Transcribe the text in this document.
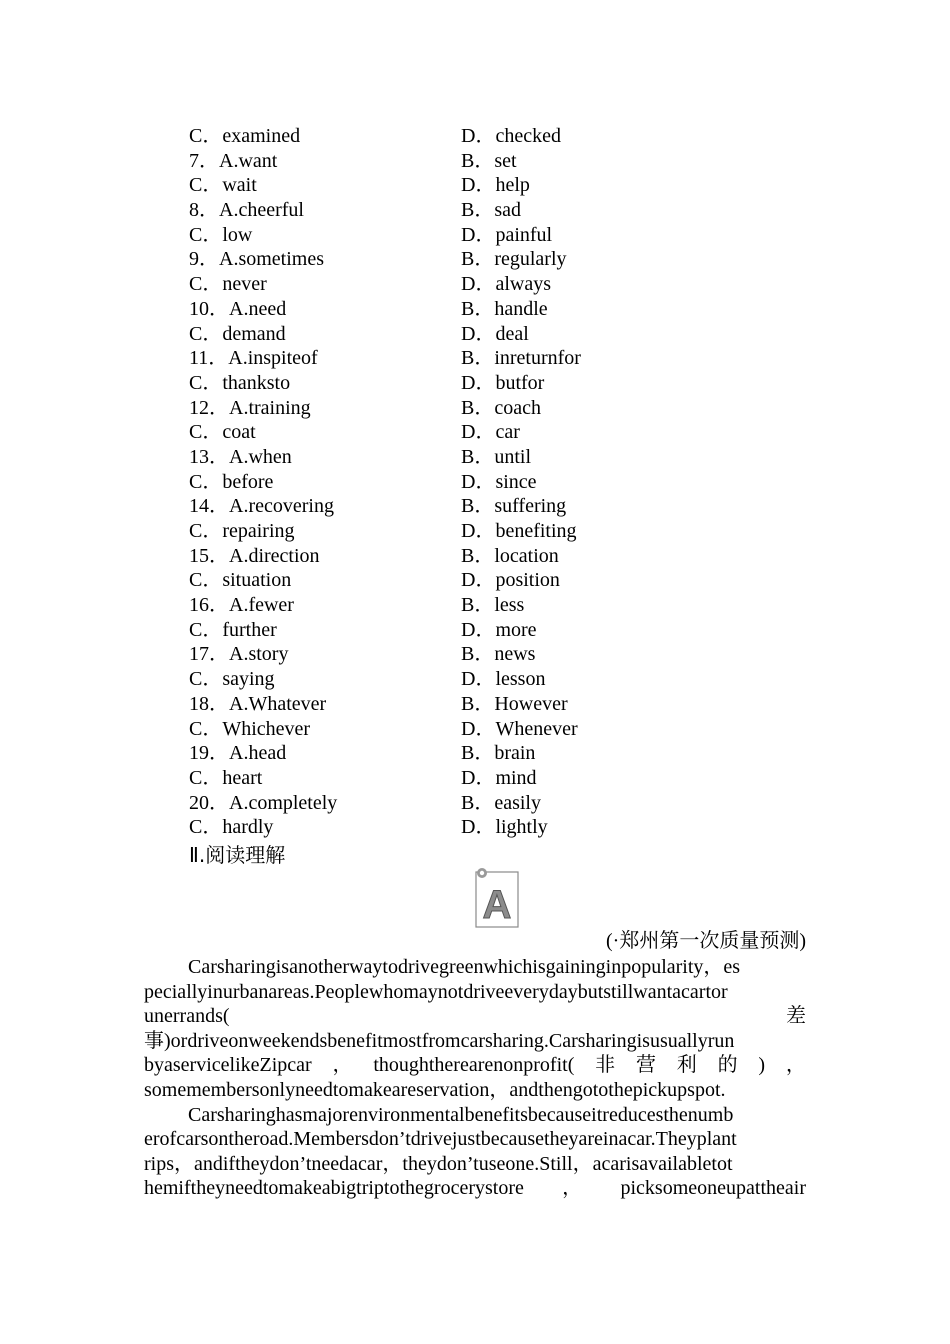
C．examined	D．checked
7．A.want	B．set
C．wait	D．help
8．A.cheerful	B．sad
C．low	D．painful
9．A.sometimes	B．regularly
C．never	D．always
10．A.need	B．handle
C．demand	D．deal
11．A.inspiteof	B．inreturnfor
C．thanksto	D．butfor
12．A.training	B．coach
C．coat	D．car
13．A.when	B．until
C．before	D．since
14．A.recovering	B．suffering
C．repairing	D．benefiting
15．A.direction	B．location
C．situation	D．position
16．A.fewer	B．less
C．further	D．more
17．A.story	B．news
C．saying	D．lesson
18．A.Whatever	B．However
C．Whichever	D．Whenever
19．A.head	B．brain
C．heart	D．mind
20．A.completely	B．easily
C．hardly	D．lightly
Ⅱ.阅读理解
A
(·郑州第一次质量预测)
Carsharingisanotherwaytodrivegreenwhichisgaininginpopularity，es
peciallyinurbanareas.Peoplewhomaynotdriveeverydaybutstillwantacartor
unerrands(	差
事)ordriveonweekendsbenefitmostfromcarsharing.Carsharingisusuallyrun
byaservicelikeZipcar ， thoughtherearenonprofit( 非 营 利 的 ) ，
somemembersonlyneedtomakeareservation，andthengotothepickupspot.
Carsharinghasmajorenvironmentalbenefitsbecauseitreducesthenumb
erofcarsontheroad.Membersdon’tdrivejustbecausetheyareinacar.Theyplant
rips，andiftheydon’tneedacar，theydon’tuseone.Still，acarisavailabletot
hemiftheyneedtomakeabigtriptothegrocerystore ， picksomeoneupattheair
